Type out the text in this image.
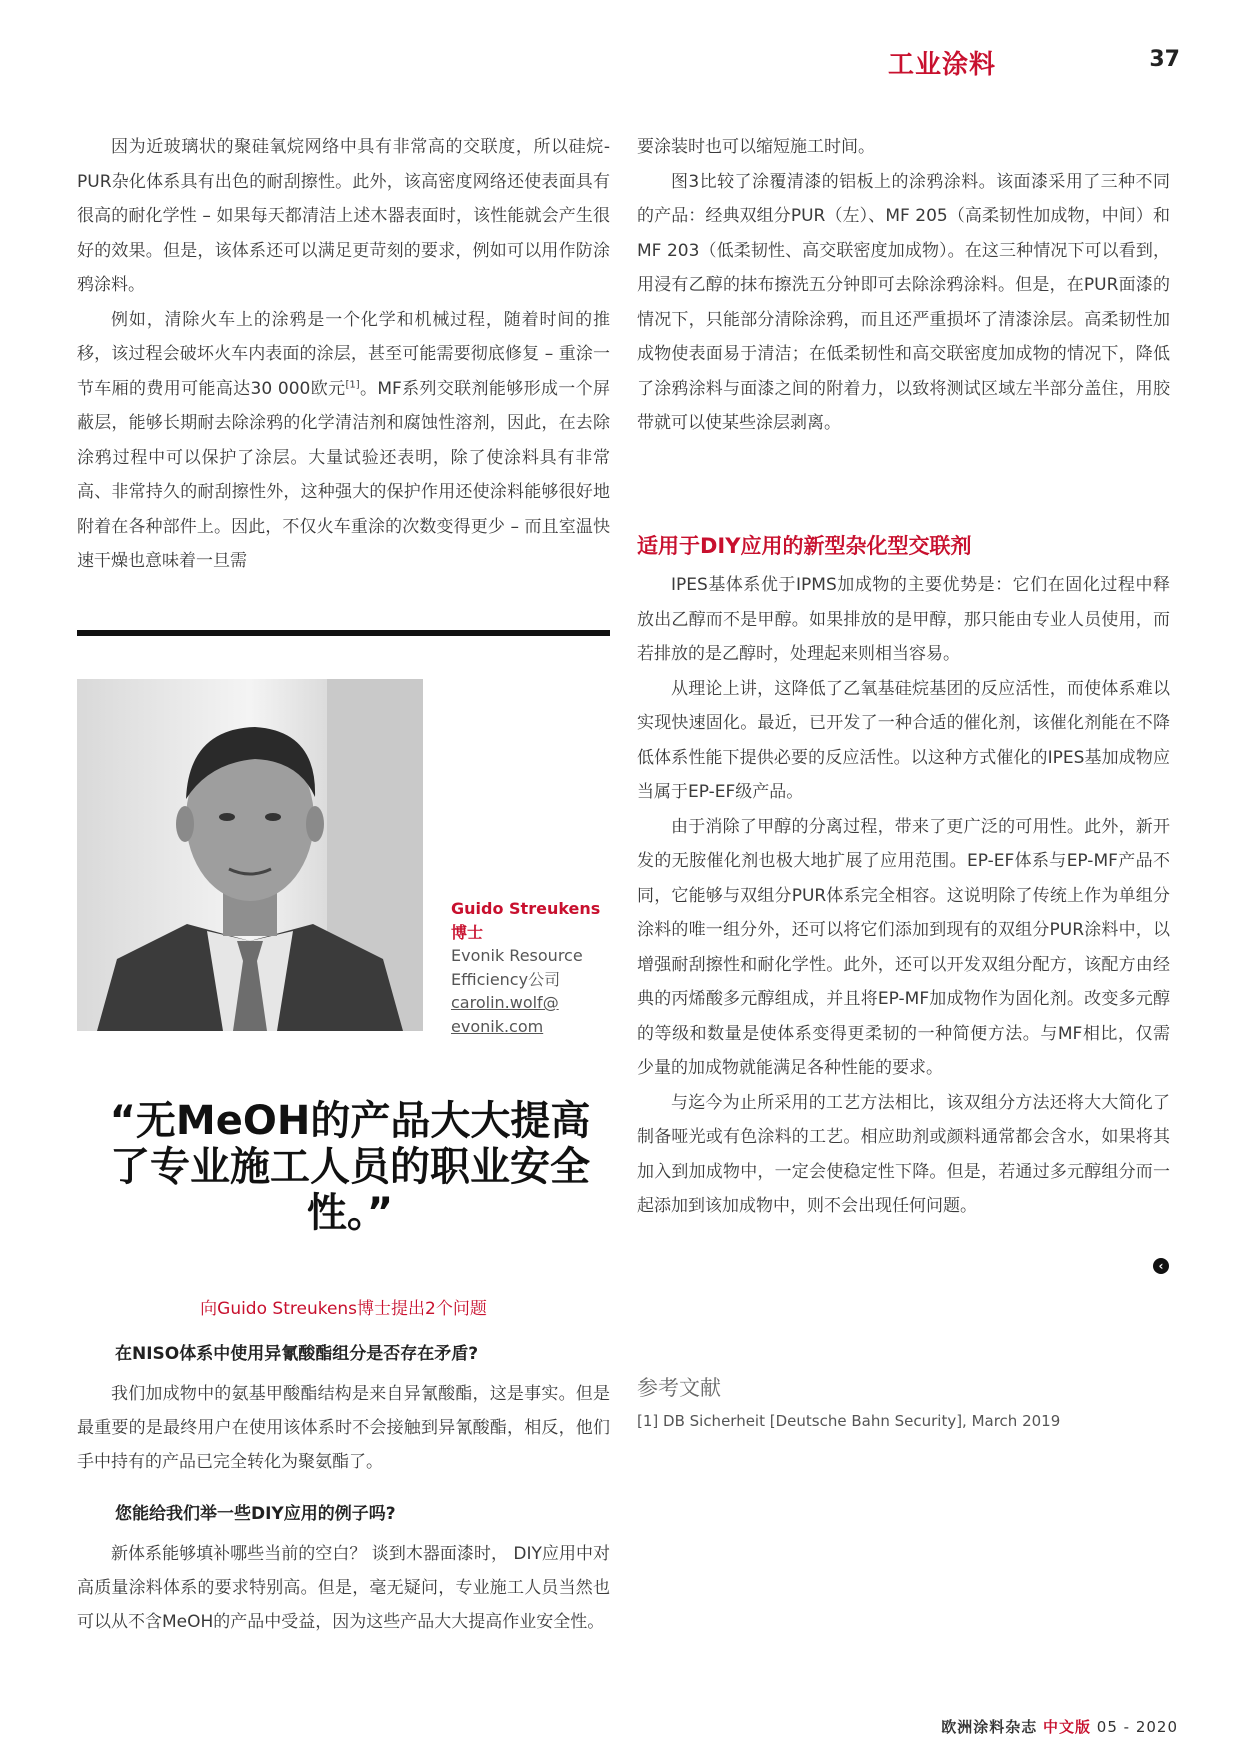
工业涂料	37

因为近玻璃状的聚硅氧烷网络中具有非常高的交联度，所以硅烷-PUR杂化体系具有出色的耐刮擦性。此外，该高密度网络还使表面具有很高的耐化学性 – 如果每天都清洁上述木器表面时，该性能就会产生很好的效果。但是，该体系还可以满足更苛刻的要求，例如可以用作防涂鸦涂料。

例如，清除火车上的涂鸦是一个化学和机械过程，随着时间的推移，该过程会破坏火车内表面的涂层，甚至可能需要彻底修复 – 重涂一节车厢的费用可能高达30 000欧元[1]。MF系列交联剂能够形成一个屏蔽层，能够长期耐去除涂鸦的化学清洁剂和腐蚀性溶剂，因此，在去除涂鸦过程中可以保护了涂层。大量试验还表明，除了使涂料具有非常高、非常持久的耐刮擦性外，这种强大的保护作用还使涂料能够很好地附着在各种部件上。因此，不仅火车重涂的次数变得更少 – 而且室温快速干燥也意味着一旦需

Guido Streukens
博士
Evonik Resource
Efficiency公司
carolin.wolf@
evonik.com
“无MeOH的产品大大提高了专业施工人员的职业安全性。”
向Guido Streukens博士提出2个问题

在NISO体系中使用异氰酸酯组分是否存在矛盾?

我们加成物中的氨基甲酸酯结构是来自异氰酸酯，这是事实。但是最重要的是最终用户在使用该体系时不会接触到异氰酸酯，相反，他们手中持有的产品已完全转化为聚氨酯了。

您能给我们举一些DIY应用的例子吗?

新体系能够填补哪些当前的空白？ 谈到木器面漆时， DIY应用中对高质量涂料体系的要求特别高。但是，毫无疑问，专业施工人员当然也可以从不含MeOH的产品中受益，因为这些产品大大提高作业安全性。

要涂装时也可以缩短施工时间。

图3比较了涂覆清漆的铝板上的涂鸦涂料。该面漆采用了三种不同的产品：经典双组分PUR（左）、MF 205（高柔韧性加成物，中间）和MF 203（低柔韧性、高交联密度加成物）。在这三种情况下可以看到，用浸有乙醇的抹布擦洗五分钟即可去除涂鸦涂料。但是，在PUR面漆的情况下，只能部分清除涂鸦，而且还严重损坏了清漆涂层。高柔韧性加成物使表面易于清洁；在低柔韧性和高交联密度加成物的情况下，降低了涂鸦涂料与面漆之间的附着力，以致将测试区域左半部分盖住，用胶带就可以使某些涂层剥离。

适用于DIY应用的新型杂化型交联剂

IPES基体系优于IPMS加成物的主要优势是：它们在固化过程中释放出乙醇而不是甲醇。如果排放的是甲醇，那只能由专业人员使用，而若排放的是乙醇时，处理起来则相当容易。

从理论上讲，这降低了乙氧基硅烷基团的反应活性，而使体系难以实现快速固化。最近，已开发了一种合适的催化剂，该催化剂能在不降低体系性能下提供必要的反应活性。以这种方式催化的IPES基加成物应当属于EP-EF级产品。

由于消除了甲醇的分离过程，带来了更广泛的可用性。此外，新开发的无胺催化剂也极大地扩展了应用范围。EP-EF体系与EP-MF产品不同，它能够与双组分PUR体系完全相容。这说明除了传统上作为单组分涂料的唯一组分外，还可以将它们添加到现有的双组分PUR涂料中，以增强耐刮擦性和耐化学性。此外，还可以开发双组分配方，该配方由经典的丙烯酸多元醇组成，并且将EP-MF加成物作为固化剂。改变多元醇的等级和数量是使体系变得更柔韧的一种简便方法。与MF相比，仅需少量的加成物就能满足各种性能的要求。

与迄今为止所采用的工艺方法相比，该双组分方法还将大大简化了制备哑光或有色涂料的工艺。相应助剂或颜料通常都会含水，如果将其加入到加成物中，一定会使稳定性下降。但是，若通过多元醇组分而一起添加到该加成物中，则不会出现任何问题。

‹
参考文献
[1] DB Sicherheit [Deutsche Bahn Security], March 2019
欧洲涂料杂志 中文版 05 - 2020
